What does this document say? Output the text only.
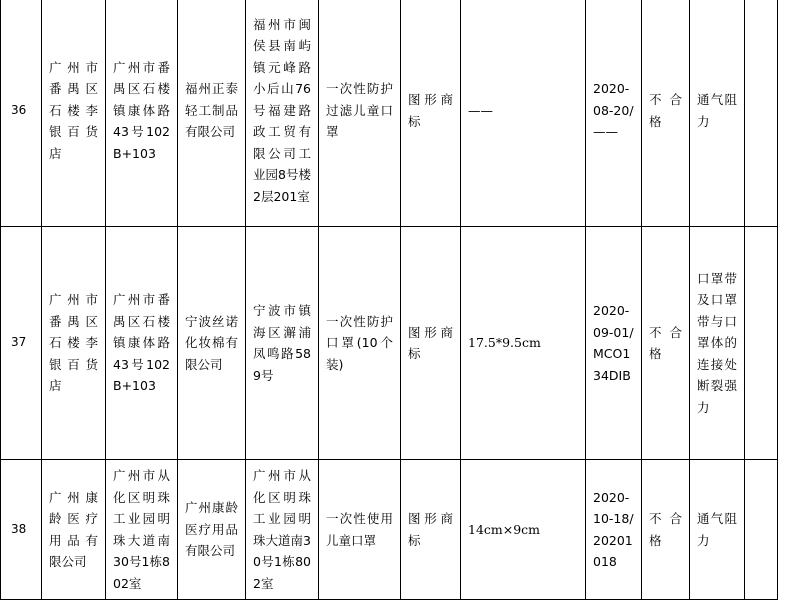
36	广州市番禺区石楼李银百货店	广州市番禺区石楼镇康体路43号102B+103	福州正泰轻工制品有限公司	福州市闽侯县南屿镇元峰路小后山76号福建路政工贸有限公司工业园8号楼2层201室	一次性防护过滤儿童口罩	图形商标	——	2020-08-20/——	不合格	通气阻力	
37	广州市番禺区石楼李银百货店	广州市番禺区石楼镇康体路43号102B+103	宁波丝诺化妆棉有限公司	宁波市镇海区澥浦凤鸣路589号	一次性防护口罩(10个装)	图形商标	17.5*9.5cm	2020-09-01/MCO134DIB	不合格	口罩带及口罩带与口罩体的连接处断裂强力	
38	广州康龄医疗用品有限公司	广州市从化区明珠工业园明珠大道南30号1栋802室	广州康龄医疗用品有限公司	广州市从化区明珠工业园明珠大道南30号1栋802室	一次性使用儿童口罩	图形商标	14cm×9cm	2020-10-18/20201018	不合格	通气阻力	
